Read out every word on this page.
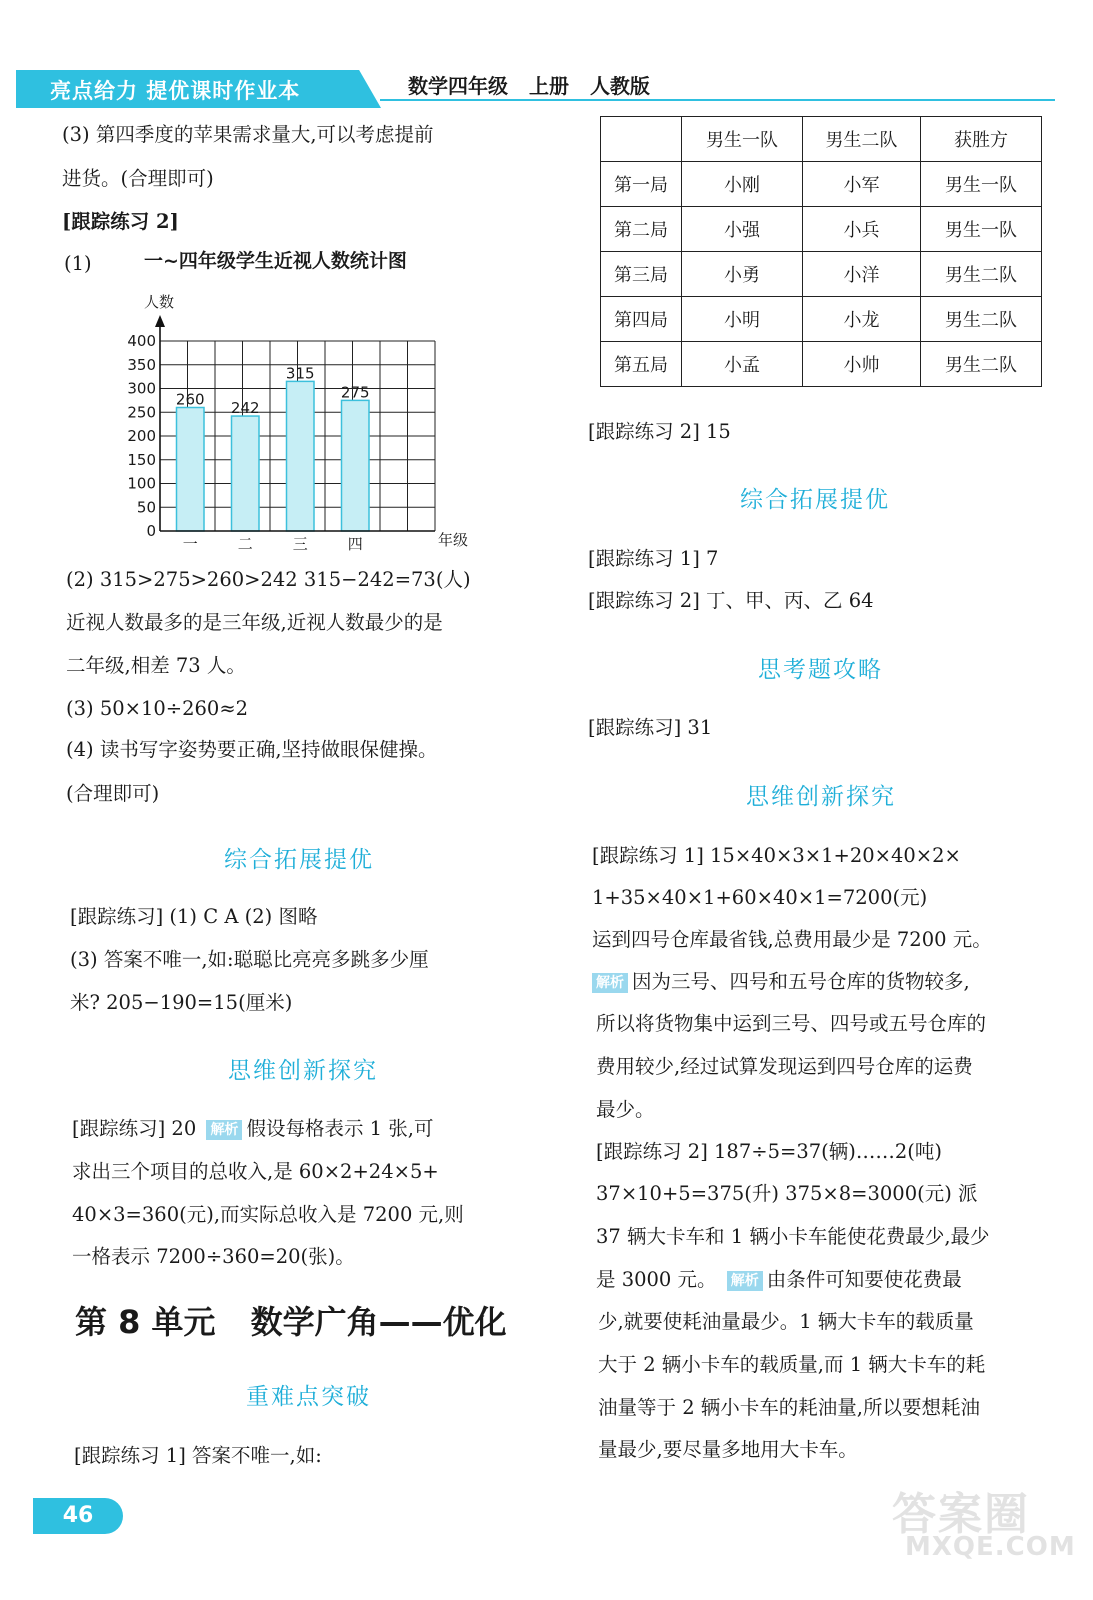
亮点给力 提优课时作业本	数学四年级 上册 人教版
(3) 第四季度的苹果需求量大,可以考虑提前
进货。(合理即可)
[跟踪练习 2]
(1)	一~四年级学生近视人数统计图
人数
260 242
315
275
0
50
100
150
200
250
300
350
400
一	二	三	四	年级
(2) 315>275>260>242 315−242=73(人)
近视人数最多的是三年级,近视人数最少的是
二年级,相差 73 人。
(3) 50×10÷260≈2
(4) 读书写字姿势要正确,坚持做眼保健操。
(合理即可)
综合拓展提优
[跟踪练习] (1) C A (2) 图略
(3) 答案不唯一,如:聪聪比亮亮多跳多少厘
米? 205−190=15(厘米)
思维创新探究
[跟踪练习] 20 解析 假设每格表示 1 张,可
求出三个项目的总收入,是 60×2+24×5+
40×3=360(元),而实际总收入是 7200 元,则
一格表示 7200÷360=20(张)。
第 8 单元 数学广角——优化
重难点突破
[跟踪练习 1] 答案不唯一,如:
46
	男生一队	男生二队	获胜方
第一局	小刚	小军	男生一队
第二局	小强	小兵	男生一队
第三局	小勇	小洋	男生二队
第四局	小明	小龙	男生二队
第五局	小孟	小帅	男生二队
[跟踪练习 2] 15
综合拓展提优
[跟踪练习 1] 7
[跟踪练习 2] 丁、甲、丙、乙 64
思考题攻略
[跟踪练习] 31
思维创新探究
[跟踪练习 1] 15×40×3×1+20×40×2×
1+35×40×1+60×40×1=7200(元)
运到四号仓库最省钱,总费用最少是 7200 元。
解析 因为三号、四号和五号仓库的货物较多,
所以将货物集中运到三号、四号或五号仓库的
费用较少,经过试算发现运到四号仓库的运费
最少。
[跟踪练习 2] 187÷5=37(辆)……2(吨)
37×10+5=375(升) 375×8=3000(元) 派
37 辆大卡车和 1 辆小卡车能使花费最少,最少
是 3000 元。 解析 由条件可知要使花费最
少,就要使耗油量最少。1 辆大卡车的载质量
大于 2 辆小卡车的载质量,而 1 辆大卡车的耗
油量等于 2 辆小卡车的耗油量,所以要想耗油
量最少,要尽量多地用大卡车。
答案圈
MXQE.COM
